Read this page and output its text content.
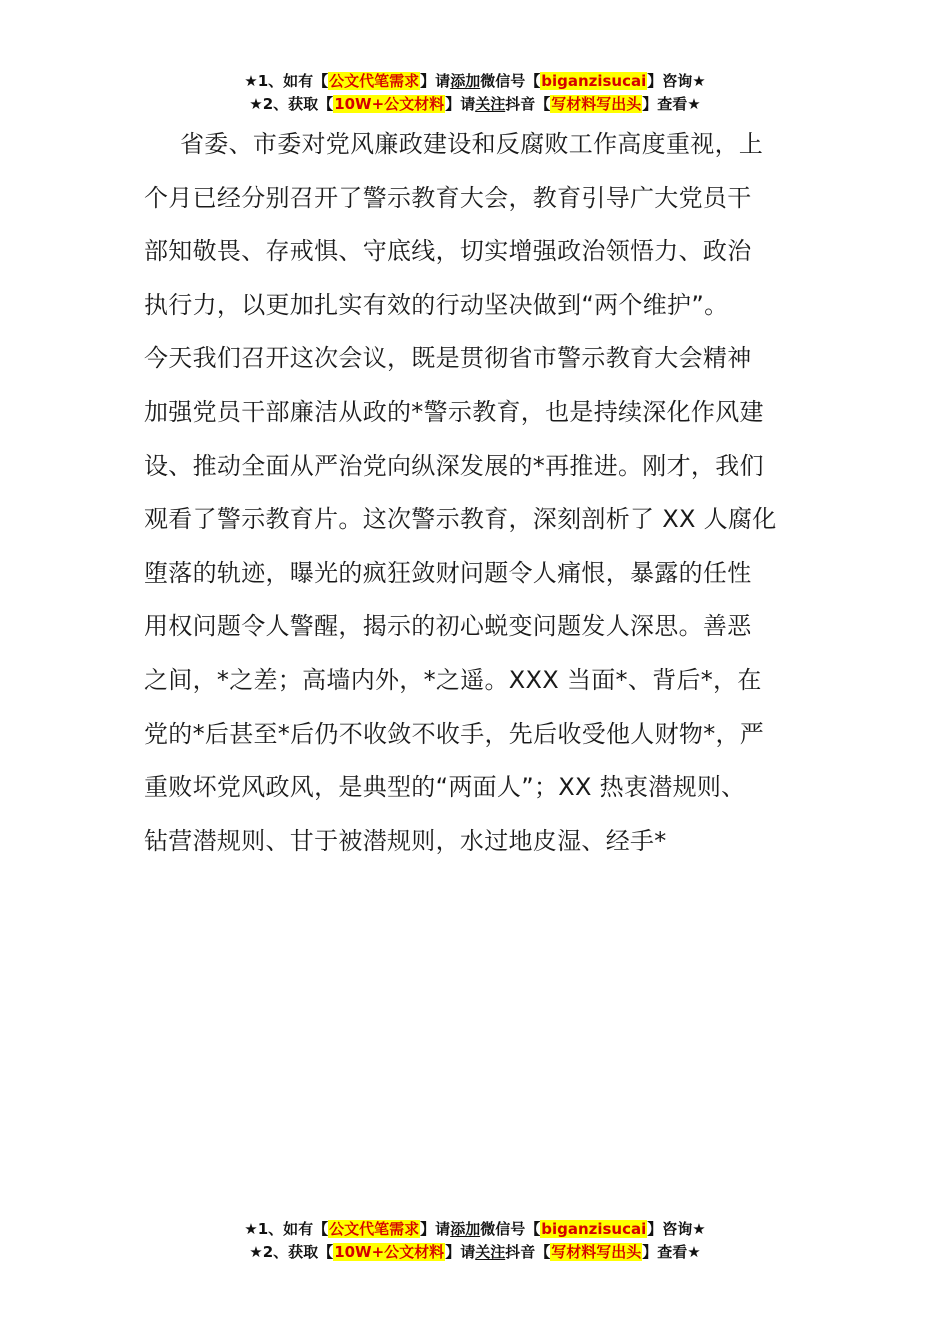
★1、如有【公文代笔需求】请添加微信号【biganzisucai】咨询★
★2、获取【10W+公文材料】请关注抖音【写材料写出头】查看★
省委、市委对党风廉政建设和反腐败工作高度重视，上
个月已经分别召开了警示教育大会，教育引导广大党员干
部知敬畏、存戒惧、守底线，切实增强政治领悟力、政治
执行力，以更加扎实有效的行动坚决做到“两个维护”。
今天我们召开这次会议，既是贯彻省市警示教育大会精神
加强党员干部廉洁从政的*警示教育，也是持续深化作风建
设、推动全面从严治党向纵深发展的*再推进。刚才，我们
观看了警示教育片。这次警示教育，深刻剖析了 XX 人腐化
堕落的轨迹，曝光的疯狂敛财问题令人痛恨，暴露的任性
用权问题令人警醒，揭示的初心蜕变问题发人深思。善恶
之间，*之差；高墙内外，*之遥。XXX 当面*、背后*，在
党的*后甚至*后仍不收敛不收手，先后收受他人财物*，严
重败坏党风政风，是典型的“两面人”；XX 热衷潜规则、
钻营潜规则、甘于被潜规则，水过地皮湿、经手*
★1、如有【公文代笔需求】请添加微信号【biganzisucai】咨询★
★2、获取【10W+公文材料】请关注抖音【写材料写出头】查看★
